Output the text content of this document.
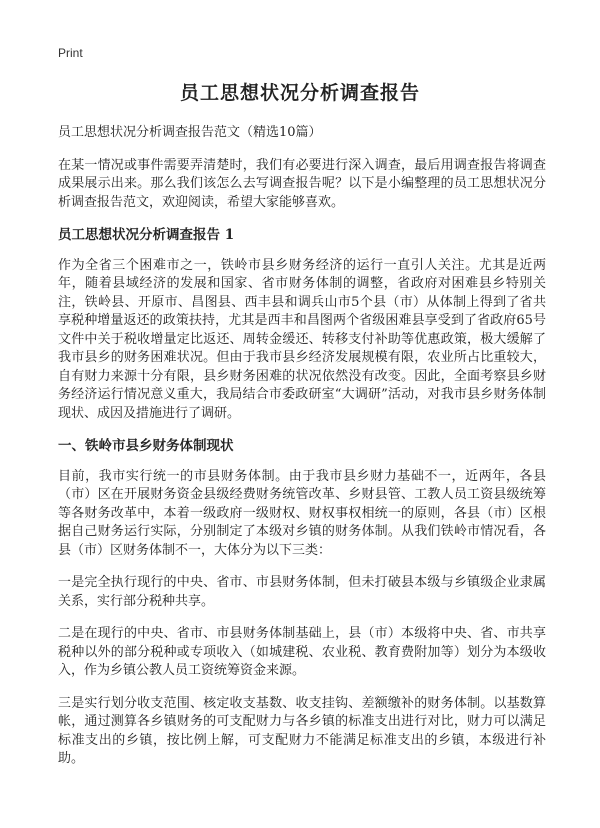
Print
员工思想状况分析调查报告

员工思想状况分析调查报告范文（精选10篇）

在某一情况或事件需要弄清楚时，我们有必要进行深入调查，最后用调查报告将调查成果展示出来。那么我们该怎么去写调查报告呢？以下是小编整理的员工思想状况分析调查报告范文，欢迎阅读，希望大家能够喜欢。

员工思想状况分析调查报告 1

作为全省三个困难市之一，铁岭市县乡财务经济的运行一直引人关注。尤其是近两年，随着县域经济的发展和国家、省市财务体制的调整，省政府对困难县乡特别关注，铁岭县、开原市、昌图县、西丰县和调兵山市5个县（市）从体制上得到了省共享税种增量返还的政策扶持，尤其是西丰和昌图两个省级困难县享受到了省政府65号文件中关于税收增量定比返还、周转金缓还、转移支付补助等优惠政策，极大缓解了我市县乡的财务困难状况。但由于我市县乡经济发展规模有限，农业所占比重较大，自有财力来源十分有限，县乡财务困难的状况依然没有改变。因此，全面考察县乡财务经济运行情况意义重大，我局结合市委政研室“大调研”活动，对我市县乡财务体制现状、成因及措施进行了调研。

一、铁岭市县乡财务体制现状

目前，我市实行统一的市县财务体制。由于我市县乡财力基础不一，近两年，各县（市）区在开展财务资金县级经费财务统管改革、乡财县管、工教人员工资县级统筹等各财务改革中，本着一级政府一级财权、财权事权相统一的原则，各县（市）区根据自己财务运行实际，分别制定了本级对乡镇的财务体制。从我们铁岭市情况看，各县（市）区财务体制不一，大体分为以下三类：

一是完全执行现行的中央、省市、市县财务体制，但未打破县本级与乡镇级企业隶属关系，实行部分税种共享。

二是在现行的中央、省市、市县财务体制基础上，县（市）本级将中央、省、市共享税种以外的部分税种或专项收入（如城建税、农业税、教育费附加等）划分为本级收入，作为乡镇公教人员工资统筹资金来源。

三是实行划分收支范围、核定收支基数、收支挂钩、差额缴补的财务体制。以基数算帐，通过测算各乡镇财务的可支配财力与各乡镇的标准支出进行对比，财力可以满足标准支出的乡镇，按比例上解，可支配财力不能满足标准支出的乡镇，本级进行补助。
